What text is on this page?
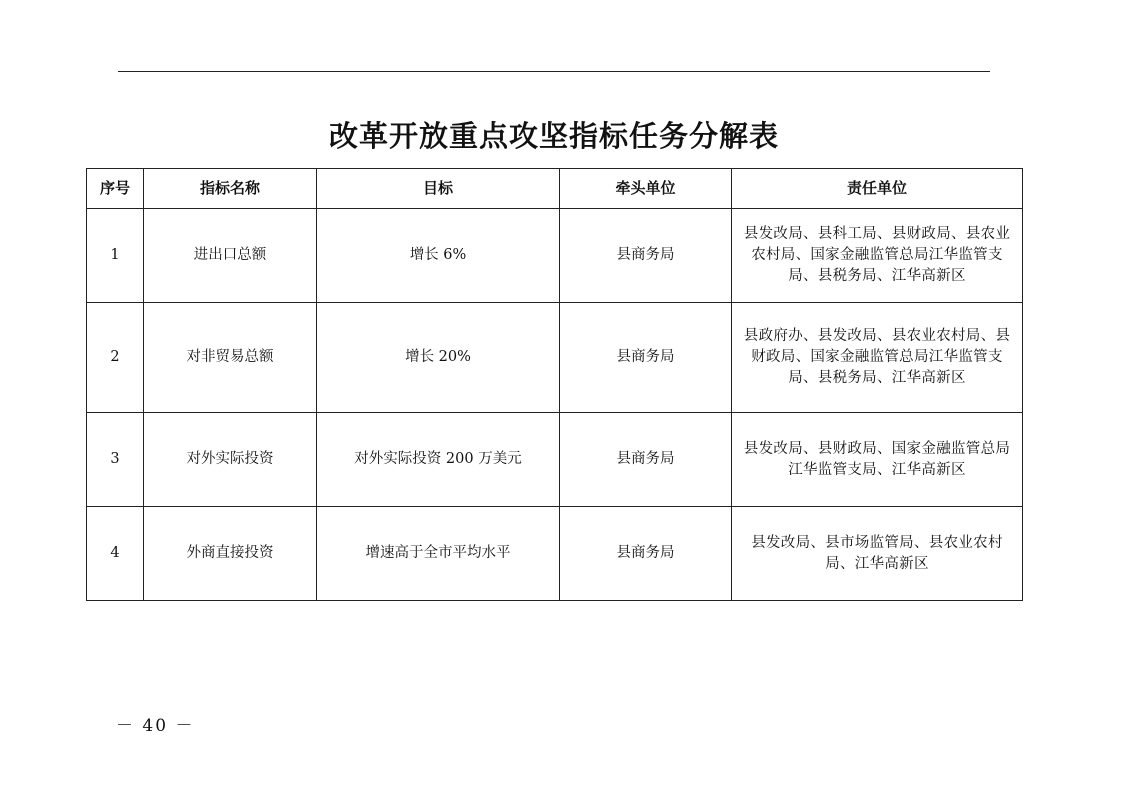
改革开放重点攻坚指标任务分解表
序号	指标名称	目标	牵头单位	责任单位
1	进出口总额	增长 6%	县商务局	县发改局、县科工局、县财政局、县农业农村局、国家金融监管总局江华监管支局、县税务局、江华高新区
2	对非贸易总额	增长 20%	县商务局	县政府办、县发改局、县农业农村局、县财政局、国家金融监管总局江华监管支局、县税务局、江华高新区
3	对外实际投资	对外实际投资 200 万美元	县商务局	县发改局、县财政局、国家金融监管总局江华监管支局、江华高新区
4	外商直接投资	增速高于全市平均水平	县商务局	县发改局、县市场监管局、县农业农村局、江华高新区
－ 40 －
